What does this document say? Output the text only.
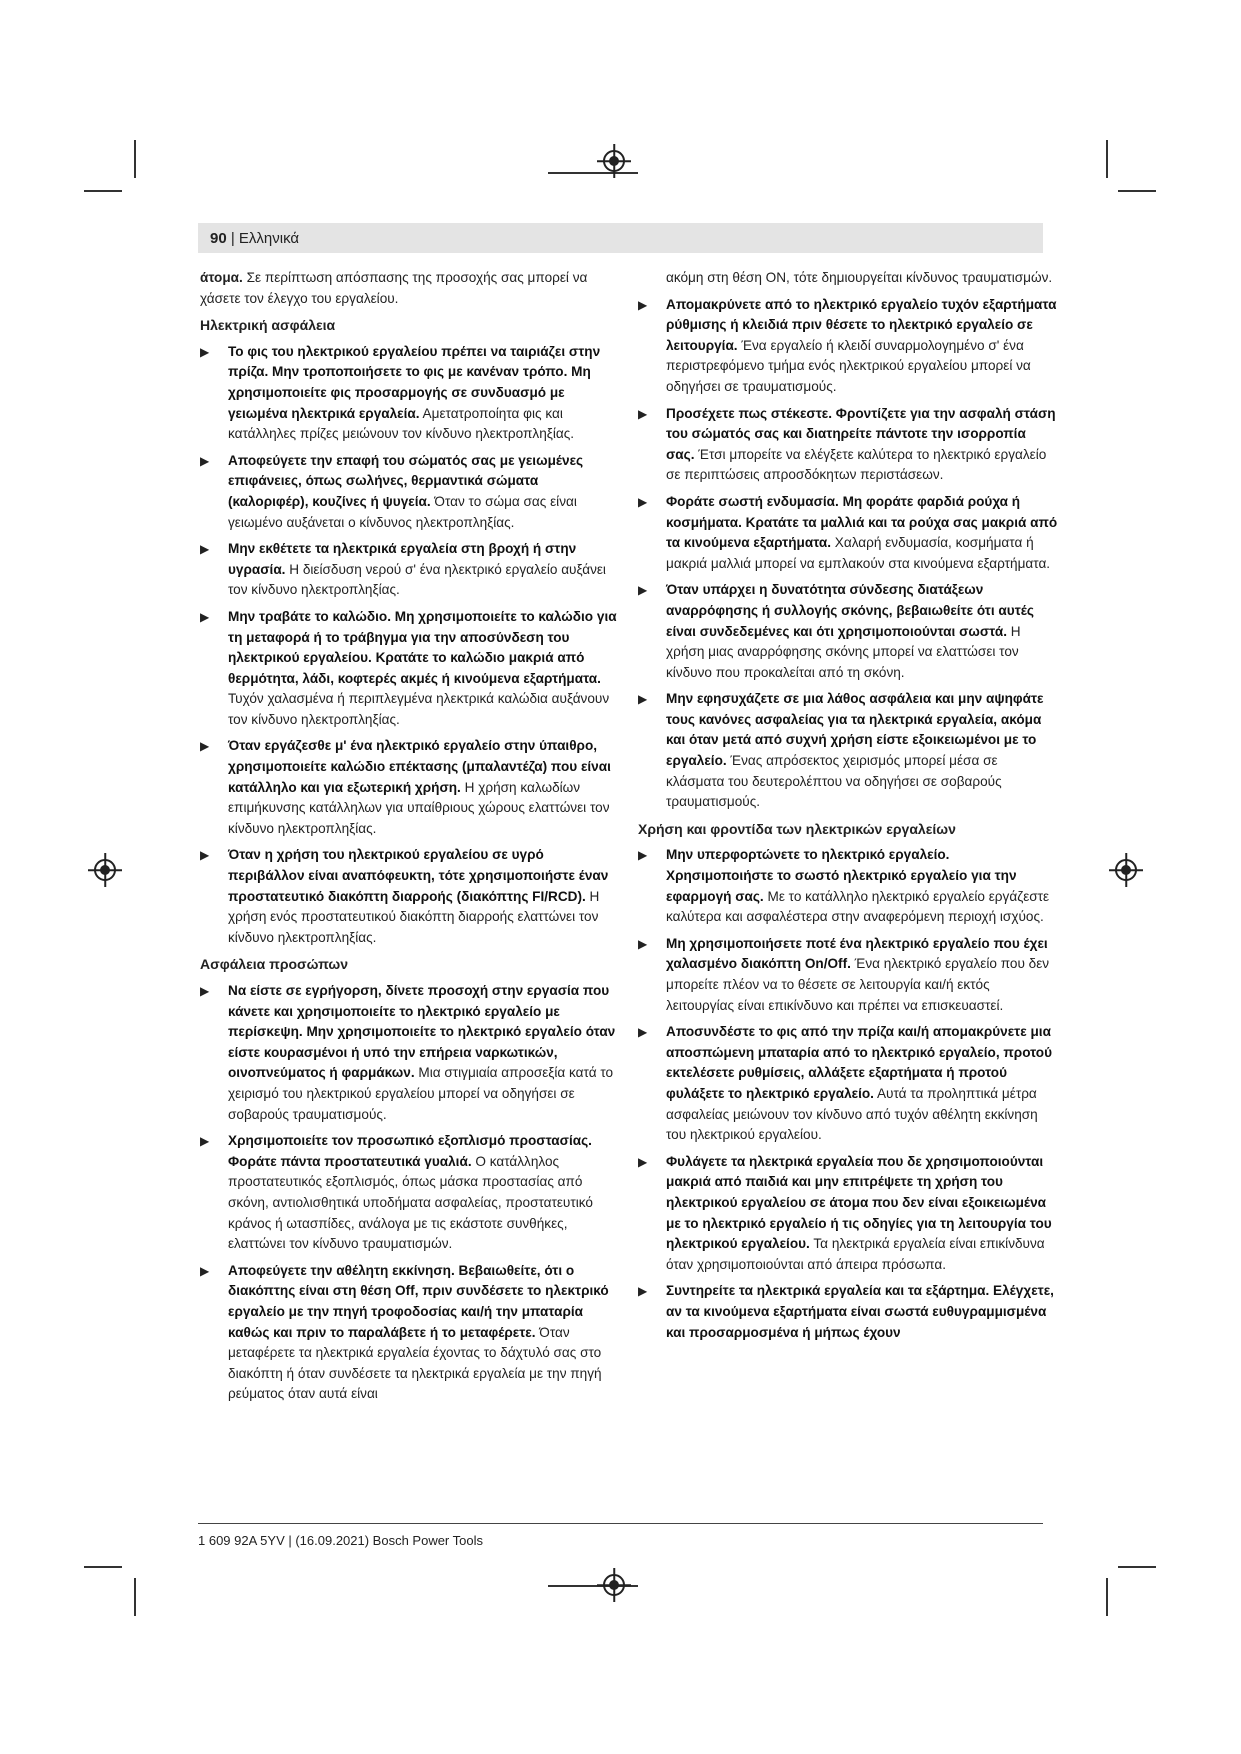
90 | Ελληνικά

άτομα. Σε περίπτωση απόσπασης της προσοχής σας μπορεί να χάσετε τον έλεγχο του εργαλείου.

Ηλεκτρική ασφάλεια
▶ Το φις του ηλεκτρικού εργαλείου πρέπει να ταιριάζει στην πρίζα. Μην τροποποιήσετε το φις με κανέναν τρόπο. Μη χρησιμοποιείτε φις προσαρμογής σε συνδυασμό με γειωμένα ηλεκτρικά εργαλεία. Αμετατροποίητα φις και κατάλληλες πρίζες μειώνουν τον κίνδυνο ηλεκτροπληξίας.
▶ Αποφεύγετε την επαφή του σώματός σας με γειωμένες επιφάνειες, όπως σωλήνες, θερμαντικά σώματα (καλοριφέρ), κουζίνες ή ψυγεία. Όταν το σώμα σας είναι γειωμένο αυξάνεται ο κίνδυνος ηλεκτροπληξίας.
▶ Μην εκθέτετε τα ηλεκτρικά εργαλεία στη βροχή ή στην υγρασία. Η διείσδυση νερού σ' ένα ηλεκτρικό εργαλείο αυξάνει τον κίνδυνο ηλεκτροπληξίας.
▶ Μην τραβάτε το καλώδιο. Μη χρησιμοποιείτε το καλώδιο για τη μεταφορά ή το τράβηγμα για την αποσύνδεση του ηλεκτρικού εργαλείου. Κρατάτε το καλώδιο μακριά από θερμότητα, λάδι, κοφτερές ακμές ή κινούμενα εξαρτήματα. Τυχόν χαλασμένα ή περιπλεγμένα ηλεκτρικά καλώδια αυξάνουν τον κίνδυνο ηλεκτροπληξίας.
▶ Όταν εργάζεσθε μ' ένα ηλεκτρικό εργαλείο στην ύπαιθρο, χρησιμοποιείτε καλώδιο επέκτασης (μπαλαντέζα) που είναι κατάλληλο και για εξωτερική χρήση. Η χρήση καλωδίων επιμήκυνσης κατάλληλων για υπαίθριους χώρους ελαττώνει τον κίνδυνο ηλεκτροπληξίας.
▶ Όταν η χρήση του ηλεκτρικού εργαλείου σε υγρό περιβάλλον είναι αναπόφευκτη, τότε χρησιμοποιήστε έναν προστατευτικό διακόπτη διαρροής (διακόπτης FI/RCD). Η χρήση ενός προστατευτικού διακόπτη διαρροής ελαττώνει τον κίνδυνο ηλεκτροπληξίας.
Ασφάλεια προσώπων
▶ Να είστε σε εγρήγορση, δίνετε προσοχή στην εργασία που κάνετε και χρησιμοποιείτε το ηλεκτρικό εργαλείο με περίσκεψη. Μην χρησιμοποιείτε το ηλεκτρικό εργαλείο όταν είστε κουρασμένοι ή υπό την επήρεια ναρκωτικών, οινοπνεύματος ή φαρμάκων. Μια στιγμιαία απροσεξία κατά το χειρισμό του ηλεκτρικού εργαλείου μπορεί να οδηγήσει σε σοβαρούς τραυματισμούς.
▶ Χρησιμοποιείτε τον προσωπικό εξοπλισμό προστασίας. Φοράτε πάντα προστατευτικά γυαλιά. Ο κατάλληλος προστατευτικός εξοπλισμός, όπως μάσκα προστασίας από σκόνη, αντιολισθητικά υποδήματα ασφαλείας, προστατευτικό κράνος ή ωτασπίδες, ανάλογα με τις εκάστοτε συνθήκες, ελαττώνει τον κίνδυνο τραυματισμών.
▶ Αποφεύγετε την αθέλητη εκκίνηση. Βεβαιωθείτε, ότι ο διακόπτης είναι στη θέση Off, πριν συνδέσετε το ηλεκτρικό εργαλείο με την πηγή τροφοδοσίας και/ή την μπαταρία καθώς και πριν το παραλάβετε ή το μεταφέρετε. Όταν μεταφέρετε τα ηλεκτρικά εργαλεία έχοντας το δάχτυλό σας στο διακόπτη ή όταν συνδέσετε τα ηλεκτρικά εργαλεία με την πηγή ρεύματος όταν αυτά είναι

ακόμη στη θέση ON, τότε δημιουργείται κίνδυνος τραυματισμών.

▶ Απομακρύνετε από το ηλεκτρικό εργαλείο τυχόν εξαρτήματα ρύθμισης ή κλειδιά πριν θέσετε το ηλεκτρικό εργαλείο σε λειτουργία. Ένα εργαλείο ή κλειδί συναρμολογημένο σ' ένα περιστρεφόμενο τμήμα ενός ηλεκτρικού εργαλείου μπορεί να οδηγήσει σε τραυματισμούς.
▶ Προσέχετε πως στέκεστε. Φροντίζετε για την ασφαλή στάση του σώματός σας και διατηρείτε πάντοτε την ισορροπία σας. Έτσι μπορείτε να ελέγξετε καλύτερα το ηλεκτρικό εργαλείο σε περιπτώσεις απροσδόκητων περιστάσεων.
▶ Φοράτε σωστή ενδυμασία. Μη φοράτε φαρδιά ρούχα ή κοσμήματα. Κρατάτε τα μαλλιά και τα ρούχα σας μακριά από τα κινούμενα εξαρτήματα. Χαλαρή ενδυμασία, κοσμήματα ή μακριά μαλλιά μπορεί να εμπλακούν στα κινούμενα εξαρτήματα.
▶ Όταν υπάρχει η δυνατότητα σύνδεσης διατάξεων αναρρόφησης ή συλλογής σκόνης, βεβαιωθείτε ότι αυτές είναι συνδεδεμένες και ότι χρησιμοποιούνται σωστά. Η χρήση μιας αναρρόφησης σκόνης μπορεί να ελαττώσει τον κίνδυνο που προκαλείται από τη σκόνη.
▶ Μην εφησυχάζετε σε μια λάθος ασφάλεια και μην αψηφάτε τους κανόνες ασφαλείας για τα ηλεκτρικά εργαλεία, ακόμα και όταν μετά από συχνή χρήση είστε εξοικειωμένοι με το εργαλείο. Ένας απρόσεκτος χειρισμός μπορεί μέσα σε κλάσματα του δευτερολέπτου να οδηγήσει σε σοβαρούς τραυματισμούς.
Χρήση και φροντίδα των ηλεκτρικών εργαλείων
▶ Μην υπερφορτώνετε το ηλεκτρικό εργαλείο. Χρησιμοποιήστε το σωστό ηλεκτρικό εργαλείο για την εφαρμογή σας. Με το κατάλληλο ηλεκτρικό εργαλείο εργάζεστε καλύτερα και ασφαλέστερα στην αναφερόμενη περιοχή ισχύος.
▶ Μη χρησιμοποιήσετε ποτέ ένα ηλεκτρικό εργαλείο που έχει χαλασμένο διακόπτη On/Off. Ένα ηλεκτρικό εργαλείο που δεν μπορείτε πλέον να το θέσετε σε λειτουργία και/ή εκτός λειτουργίας είναι επικίνδυνο και πρέπει να επισκευαστεί.
▶ Αποσυνδέστε το φις από την πρίζα και/ή απομακρύνετε μια αποσπώμενη μπαταρία από το ηλεκτρικό εργαλείο, προτού εκτελέσετε ρυθμίσεις, αλλάξετε εξαρτήματα ή προτού φυλάξετε το ηλεκτρικό εργαλείο. Αυτά τα προληπτικά μέτρα ασφαλείας μειώνουν τον κίνδυνο από τυχόν αθέλητη εκκίνηση του ηλεκτρικού εργαλείου.
▶ Φυλάγετε τα ηλεκτρικά εργαλεία που δε χρησιμοποιούνται μακριά από παιδιά και μην επιτρέψετε τη χρήση του ηλεκτρικού εργαλείου σε άτομα που δεν είναι εξοικειωμένα με το ηλεκτρικό εργαλείο ή τις οδηγίες για τη λειτουργία του ηλεκτρικού εργαλείου. Τα ηλεκτρικά εργαλεία είναι επικίνδυνα όταν χρησιμοποιούνται από άπειρα πρόσωπα.
▶ Συντηρείτε τα ηλεκτρικά εργαλεία και τα εξάρτημα. Ελέγχετε, αν τα κινούμενα εξαρτήματα είναι σωστά ευθυγραμμισμένα και προσαρμοσμένα ή μήπως έχουν
1 609 92A 5YV | (16.09.2021) Bosch Power Tools
